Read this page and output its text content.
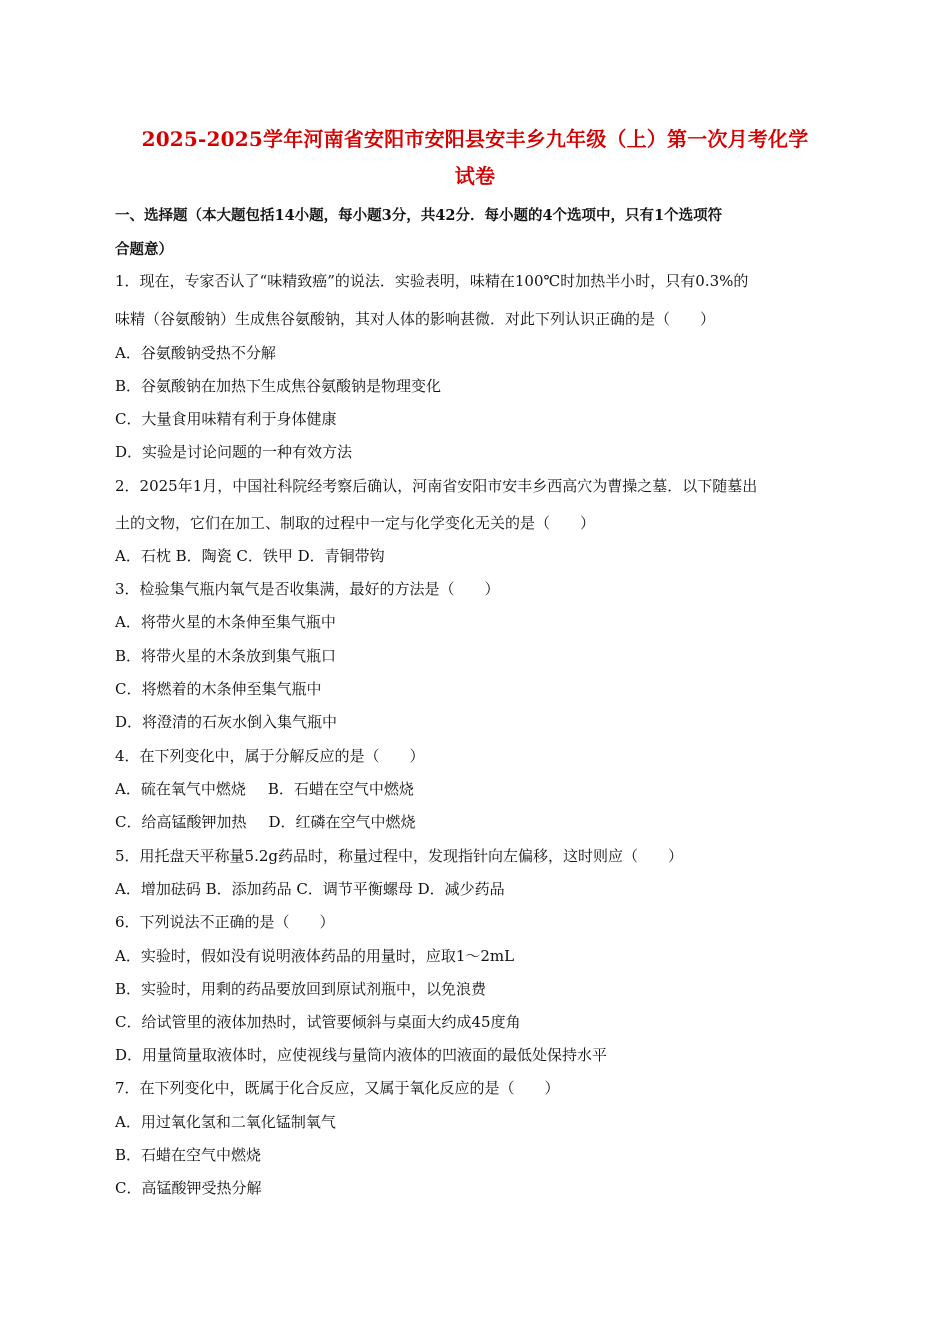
2025-2025学年河南省安阳市安阳县安丰乡九年级（上）第一次月考化学
试卷
一、选择题（本大题包括14小题，每小题3分，共42分．每小题的4个选项中，只有1个选项符
合题意）
1．现在，专家否认了“味精致癌”的说法．实验表明，味精在100℃时加热半小时，只有0.3%的
味精（谷氨酸钠）生成焦谷氨酸钠，其对人体的影响甚微．对此下列认识正确的是（　　）
A．谷氨酸钠受热不分解
B．谷氨酸钠在加热下生成焦谷氨酸钠是物理变化
C．大量食用味精有利于身体健康
D．实验是讨论问题的一种有效方法
2．2025年1月，中国社科院经考察后确认，河南省安阳市安丰乡西高穴为曹操之墓．以下随墓出
土的文物，它们在加工、制取的过程中一定与化学变化无关的是（　　）
A．石枕 B．陶瓷 C．铁甲 D．青铜带钩
3．检验集气瓶内氧气是否收集满，最好的方法是（　　）
A．将带火星的木条伸至集气瓶中
B．将带火星的木条放到集气瓶口
C．将燃着的木条伸至集气瓶中
D．将澄清的石灰水倒入集气瓶中
4．在下列变化中，属于分解反应的是（　　）
A．硫在氧气中燃烧 B．石蜡在空气中燃烧
C．给高锰酸钾加热 D．红磷在空气中燃烧
5．用托盘天平称量5.2g药品时，称量过程中，发现指针向左偏移，这时则应（　　）
A．增加砝码 B．添加药品 C．调节平衡螺母 D．减少药品
6．下列说法不正确的是（　　）
A．实验时，假如没有说明液体药品的用量时，应取1～2mL
B．实验时，用剩的药品要放回到原试剂瓶中，以免浪费
C．给试管里的液体加热时，试管要倾斜与桌面大约成45度角
D．用量筒量取液体时，应使视线与量筒内液体的凹液面的最低处保持水平
7．在下列变化中，既属于化合反应，又属于氧化反应的是（　　）
A．用过氧化氢和二氧化锰制氧气
B．石蜡在空气中燃烧
C．高锰酸钾受热分解
